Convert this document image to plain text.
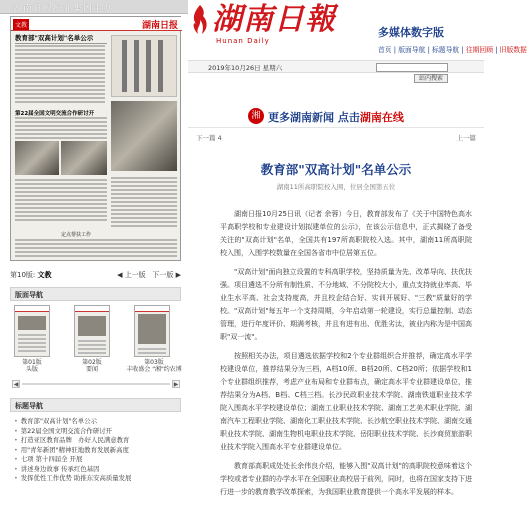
湖南日报报业集团主办
文教	湖南日报
教育部"双高计划"名单公示
第22届全国文明交流合作研讨开
定点帮扶工作
第10版: 文教	◀ 上一版 下一版 ▶
版面导航
第01版
头版
第02版
要闻
第03版
丰收盛会 "湘"约农博
◀	▶
标题导航
• 教育部"双高计划"名单公示
• 第22届全国文明交流合作研讨开
• 打造亚区教育品牌　办好人民满意教育
• 用"青年新团"精神驻地教育发展新高度
• 七项 第十四届全 开展
• 讲述身边故事 传承红色基因
• 发挥优性工作优势 助推东安高质量发展
湖南日報
Hunan Daily
多媒体数字版
首页 | 版面导航 | 标题导航 | 往期回顾 | 旧版数据
2019年10月26日 星期六
站内搜索
湘 更多湖南新闻 点击湖南在线
下一篇 4	上一篇
教育部"双高计划"名单公示
湖南11所高职院校入围，位居全国第五位

湖南日报10月25日讯（记者 余蓉）今日，教育部发布了《关于中国特色高水平高职学校和专业建设计划拟建单位的公示》，在该公示信息中，正式揭晓了备受关注的"双高计划"名单，全国共有197所高职院校入选。其中，湖南11所高职院校入围，入围学校数量在全国各省市中位居第五位。

"双高计划"面向独立设置的专科高职学校，坚持质量为先、改革导向、扶优扶强。项目遴选不分所有制性质、不分地域、不分院校大小，重点支持就业率高、毕业生水平高、社会支持度高，并且校企结合好、实训开展好、"三教"质量好的学校。"双高计划"每五年一个支持周期，今年启动第一轮建设，实行总量控制、动态管理，进行年度评价、期满考核，并且有进有出、优胜劣汰，被业内称为是中国高职"双一流"。

按照相关办法，项目遴选依据学校和2个专业群组织合并推荐，确定高水平学校建设单位，推荐结果分为三档，A档10所、B档20所、C档20所；依据学校和1个专业群组织推荐，考虑产业布局和专业群布点，确定高水平专业群建设单位，推荐结果分为A档、B档、C档三档。长沙民政职业技术学院、湖南铁道职业技术学院入围高水平学校建设单位；湖南工业职业技术学院、湖南工艺美术职业学院、湖南汽车工程职业学院、湖南化工职业技术学院、长沙航空职业技术学院、湖南交通职业技术学院、湖南生物机电职业技术学院、岳阳职业技术学院、长沙商贸旅游职业技术学院入围高水平专业群建设单位。

教育部高职成处处长余伟良介绍，能够入围"双高计划"的高职院校意味着这个学校或者专业群的办学水平在全国职业高校居于前列，同时，也将在国家支持下进行进一步的教育教学改革探索，为我国职业教育提供一个高水平发展的样本。
